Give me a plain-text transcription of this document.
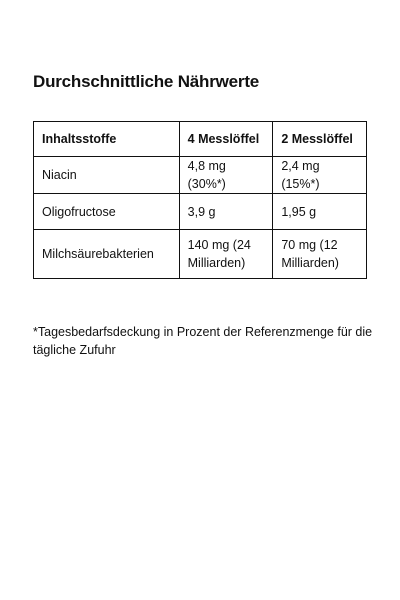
Durchschnittliche Nährwerte
Inhaltsstoffe	4 Messlöffel	2 Messlöffel
Niacin	4,8 mg (30%*)	2,4 mg (15%*)
Oligofructose	3,9 g	1,95 g
Milchsäurebakterien	140 mg (24 Milliarden)	70 mg (12 Milliarden)

*Tagesbedarfsdeckung in Prozent der Referenzmenge für die tägliche Zufuhr
